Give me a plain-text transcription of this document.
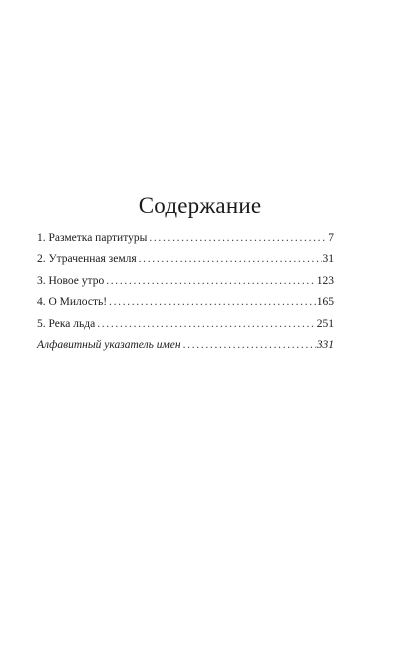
Содержание
1. Разметка партитуры . . .	7
2. Утраченная земля . . .	31
3. Новое утро . . .	123
4. О Милость! . . .	165
5. Река льда . . .	251
Алфавитный указатель имен . . .	331
